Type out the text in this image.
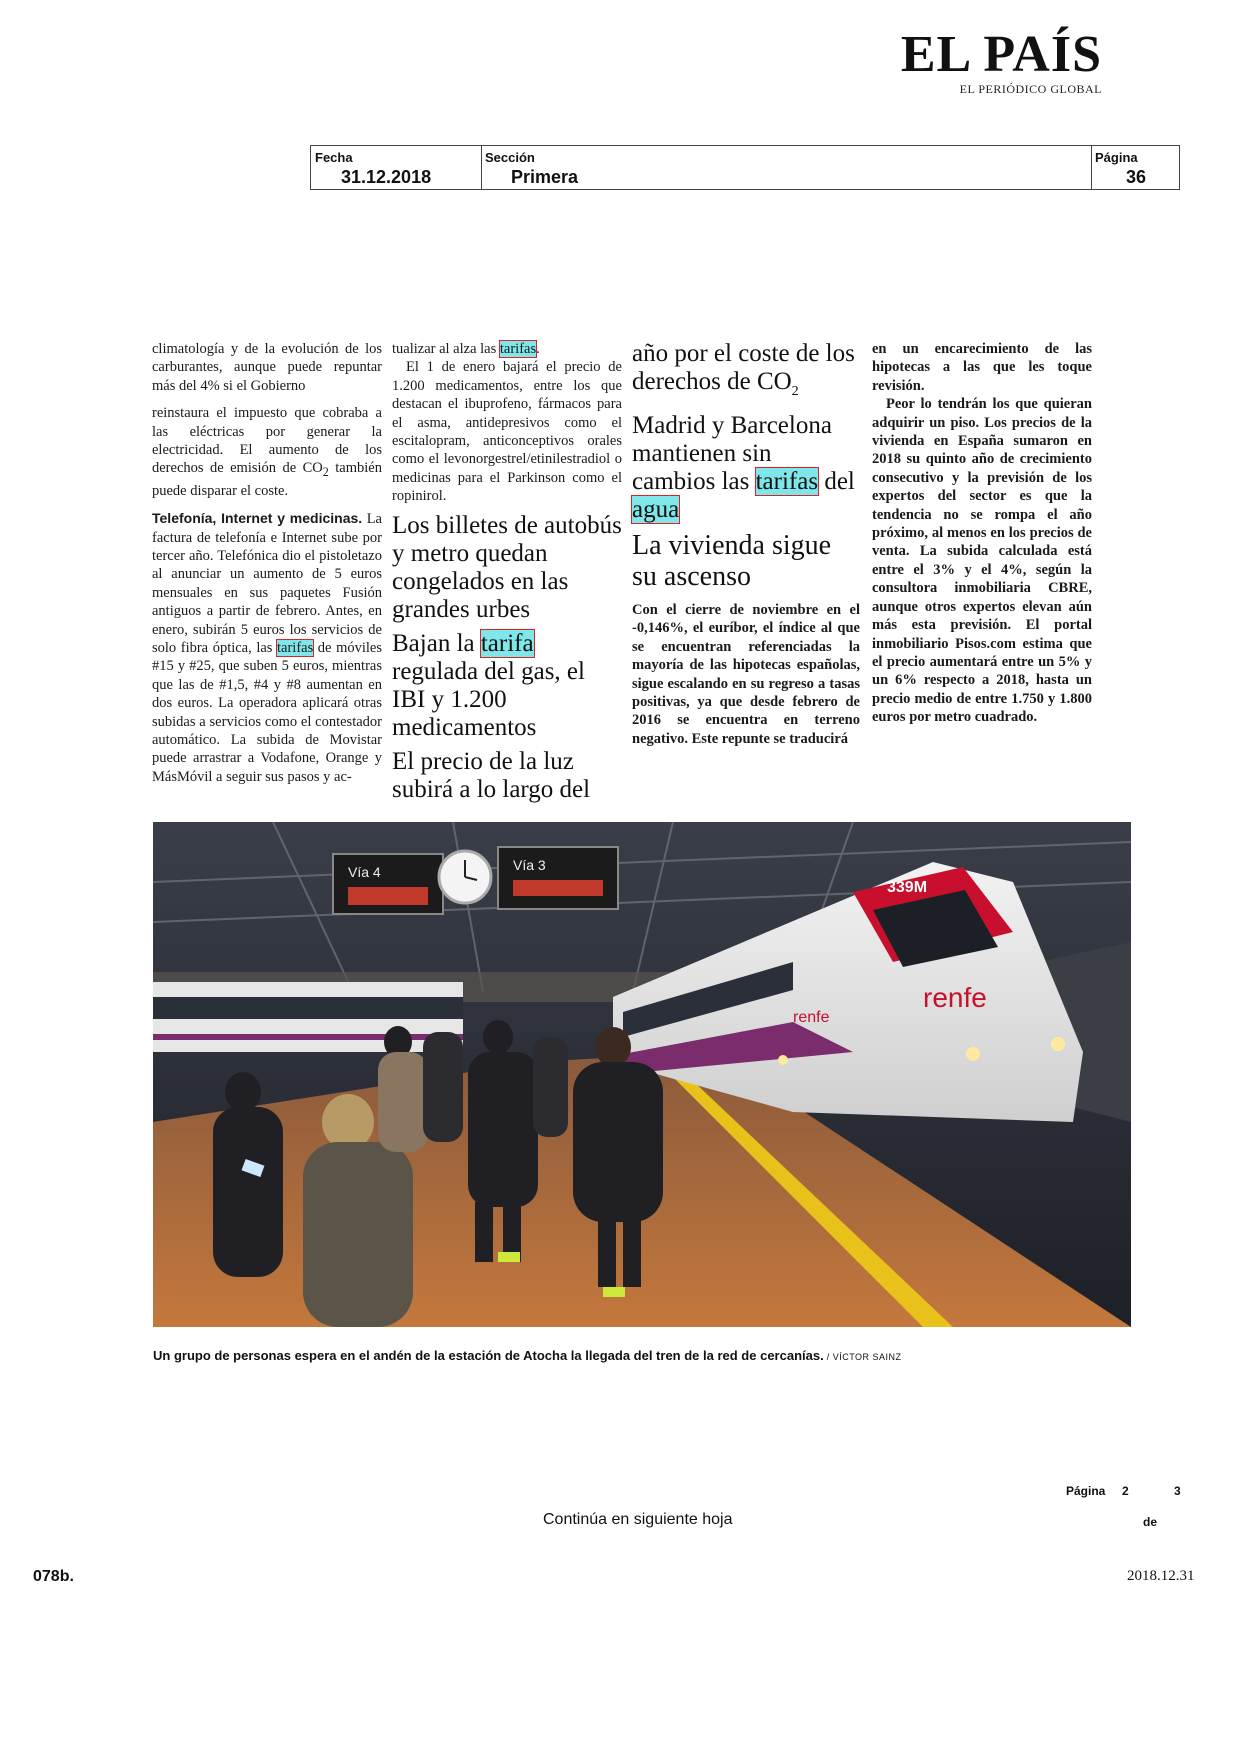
EL PAÍS
EL PERIÓDICO GLOBAL
Fecha
31.12.2018
Sección
Primera
Página
36

climatología y de la evolución de los carburantes, aunque puede repuntar más del 4% si el Gobierno

reinstaura el impuesto que cobraba a las eléctricas por generar la electricidad. El aumento de los derechos de emisión de $CO_2$ también puede disparar el coste.

Telefonía, Internet y medicinas. La factura de telefonía e Internet sube por tercer año. Telefónica dio el pistoletazo al anunciar un aumento de 5 euros mensuales en sus paquetes Fusión antiguos a partir de febrero. Antes, en enero, subirán 5 euros los servicios de solo fibra óptica, las tarifas de móviles #15 y #25, que suben 5 euros, mientras que las de #1,5, #4 y #8 aumentan en dos euros. La operadora aplicará otras subidas a servicios como el contestador automático. La subida de Movistar puede arrastrar a Vodafone, Orange y MásMóvil a seguir sus pasos y ac-

tualizar al alza las tarifas.

El 1 de enero bajará el precio de 1.200 medicamentos, entre los que destacan el ibuprofeno, fármacos para el asma, antidepresivos como el escitalopram, anticonceptivos orales como el levonorgestrel/etinilestradiol o medicinas para el Parkinson como el ropinirol.

Los billetes de autobús y metro quedan congelados en las grandes urbes

Bajan la tarifa regulada del gas, el IBI y 1.200 medicamentos

El precio de la luz subirá a lo largo del

año por el coste de los derechos de $CO_2$

Madrid y Barcelona mantienen sin cambios las tarifas del agua

La vivienda sigue su ascenso

Con el cierre de noviembre en el -0,146%, el euríbor, el índice al que se encuentran referenciadas la mayoría de las hipotecas españolas, sigue escalando en su regreso a tasas positivas, ya que desde febrero de 2016 se encuentra en terreno negativo. Este repunte se traducirá

en un encarecimiento de las hipotecas a las que les toque revisión.

Peor lo tendrán los que quieran adquirir un piso. Los precios de la vivienda en España sumaron en 2018 su quinto año de crecimiento consecutivo y la previsión de los expertos del sector es que la tendencia no se rompa el año próximo, al menos en los precios de venta. La subida calculada está entre el 3% y el 4%, según la consultora inmobiliaria CBRE, aunque otros expertos elevan aún más esta previsión. El portal inmobiliario Pisos.com estima que el precio aumentará entre un 5% y un 6% respecto a 2018, hasta un precio medio de entre 1.750 y 1.800 euros por metro cuadrado.

Vía 4	Vía 3
339M
renfe
renfe
Un grupo de personas espera en el andén de la estación de Atocha la llegada del tren de la red de cercanías. / VÍCTOR SAINZ
Página 2	3
de
Continúa en siguiente hoja
078b.	2018.12.31
